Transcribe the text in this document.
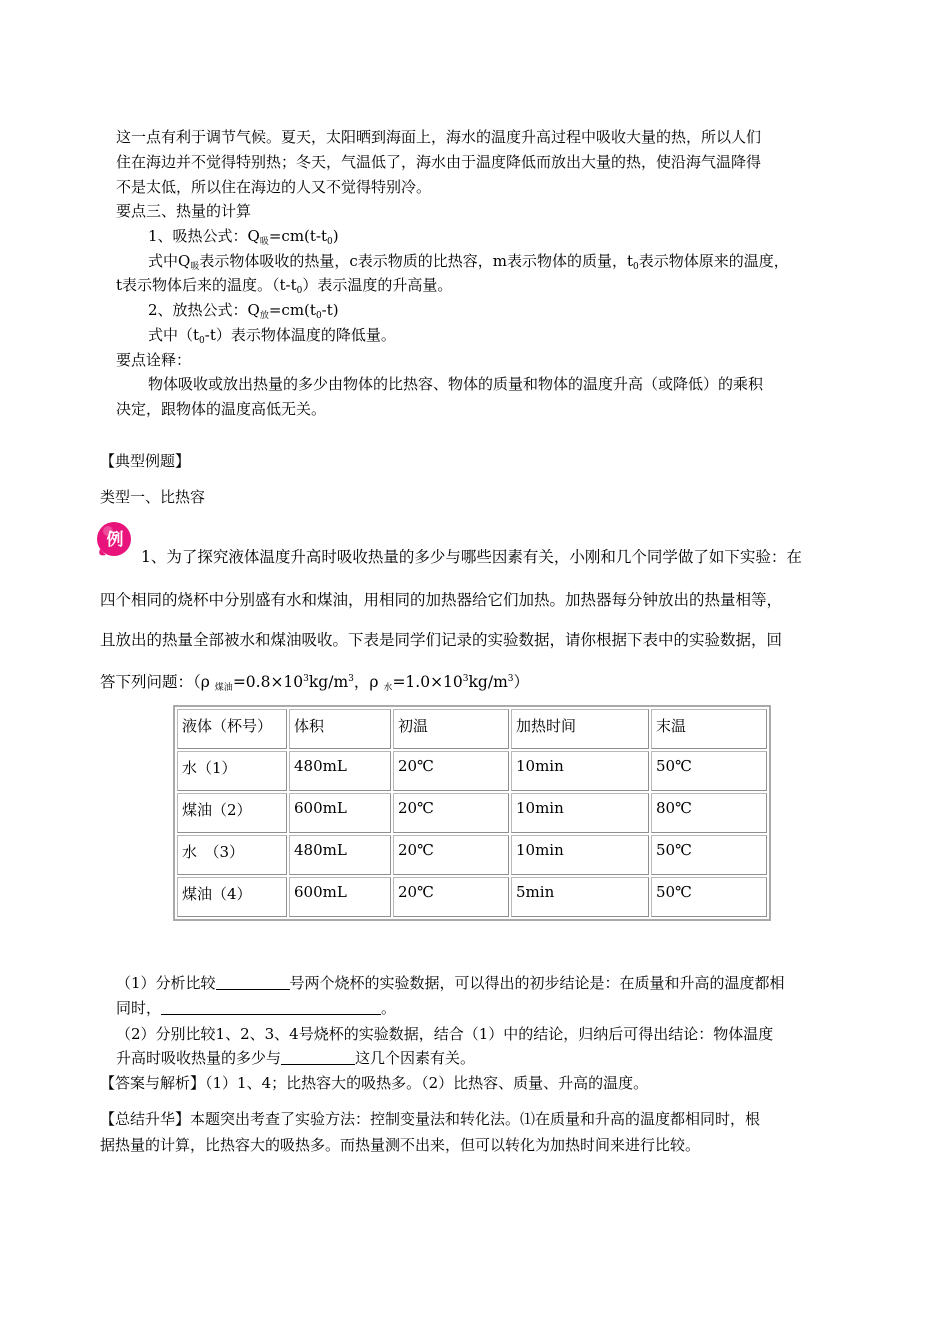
这一点有利于调节气候。夏天，太阳晒到海面上，海水的温度升高过程中吸收大量的热，所以人们
住在海边并不觉得特别热；冬天，气温低了，海水由于温度降低而放出大量的热，使沿海气温降得
不是太低，所以住在海边的人又不觉得特别冷。
要点三、热量的计算
1、吸热公式：$Q_吸=cm(t-t_0)$
式中$Q_吸$表示物体吸收的热量，c表示物质的比热容，m表示物体的质量，$t_0$表示物体原来的温度，
t表示物体后来的温度。$(t-t_0)$表示温度的升高量。
2、放热公式：$Q_放=cm(t_0-t)$
式中$(t_0-t)$表示物体温度的降低量。
要点诠释：
物体吸收或放出热量的多少由物体的比热容、物体的质量和物体的温度升高（或降低）的乘积
决定，跟物体的温度高低无关。
【典型例题】
类型一、比热容
例
1、为了探究液体温度升高时吸收热量的多少与哪些因素有关，小刚和几个同学做了如下实验：在
四个相同的烧杯中分别盛有水和煤油，用相同的加热器给它们加热。加热器每分钟放出的热量相等，
且放出的热量全部被水和煤油吸收。下表是同学们记录的实验数据，请你根据下表中的实验数据，回
答下列问题：（ρ $_{煤油}=0.8\times 10^3kg/m^3$，ρ $_水=1.0\times 10^3kg/m^3$）
液体（杯号）	体积	初温	加热时间	末温
水（1）	480mL	20℃	10min	50℃
煤油（2）	600mL	20℃	10min	80℃
水　（3）	480mL	20℃	10min	50℃
煤油（4）	600mL	20℃	5min	50℃
（1）分析比较	号两个烧杯的实验数据，可以得出的初步结论是：在质量和升高的温度都相
同时，	。
（2）分别比较1、2、3、4号烧杯的实验数据，结合（1）中的结论，归纳后可得出结论：物体温度
升高时吸收热量的多少与	这几个因素有关。
【答案与解析】（1）1、4；比热容大的吸热多。（2）比热容、质量、升高的温度。
【总结升华】本题突出考查了实验方法：控制变量法和转化法。⑴在质量和升高的温度都相同时，根
据热量的计算，比热容大的吸热多。而热量测不出来，但可以转化为加热时间来进行比较。
